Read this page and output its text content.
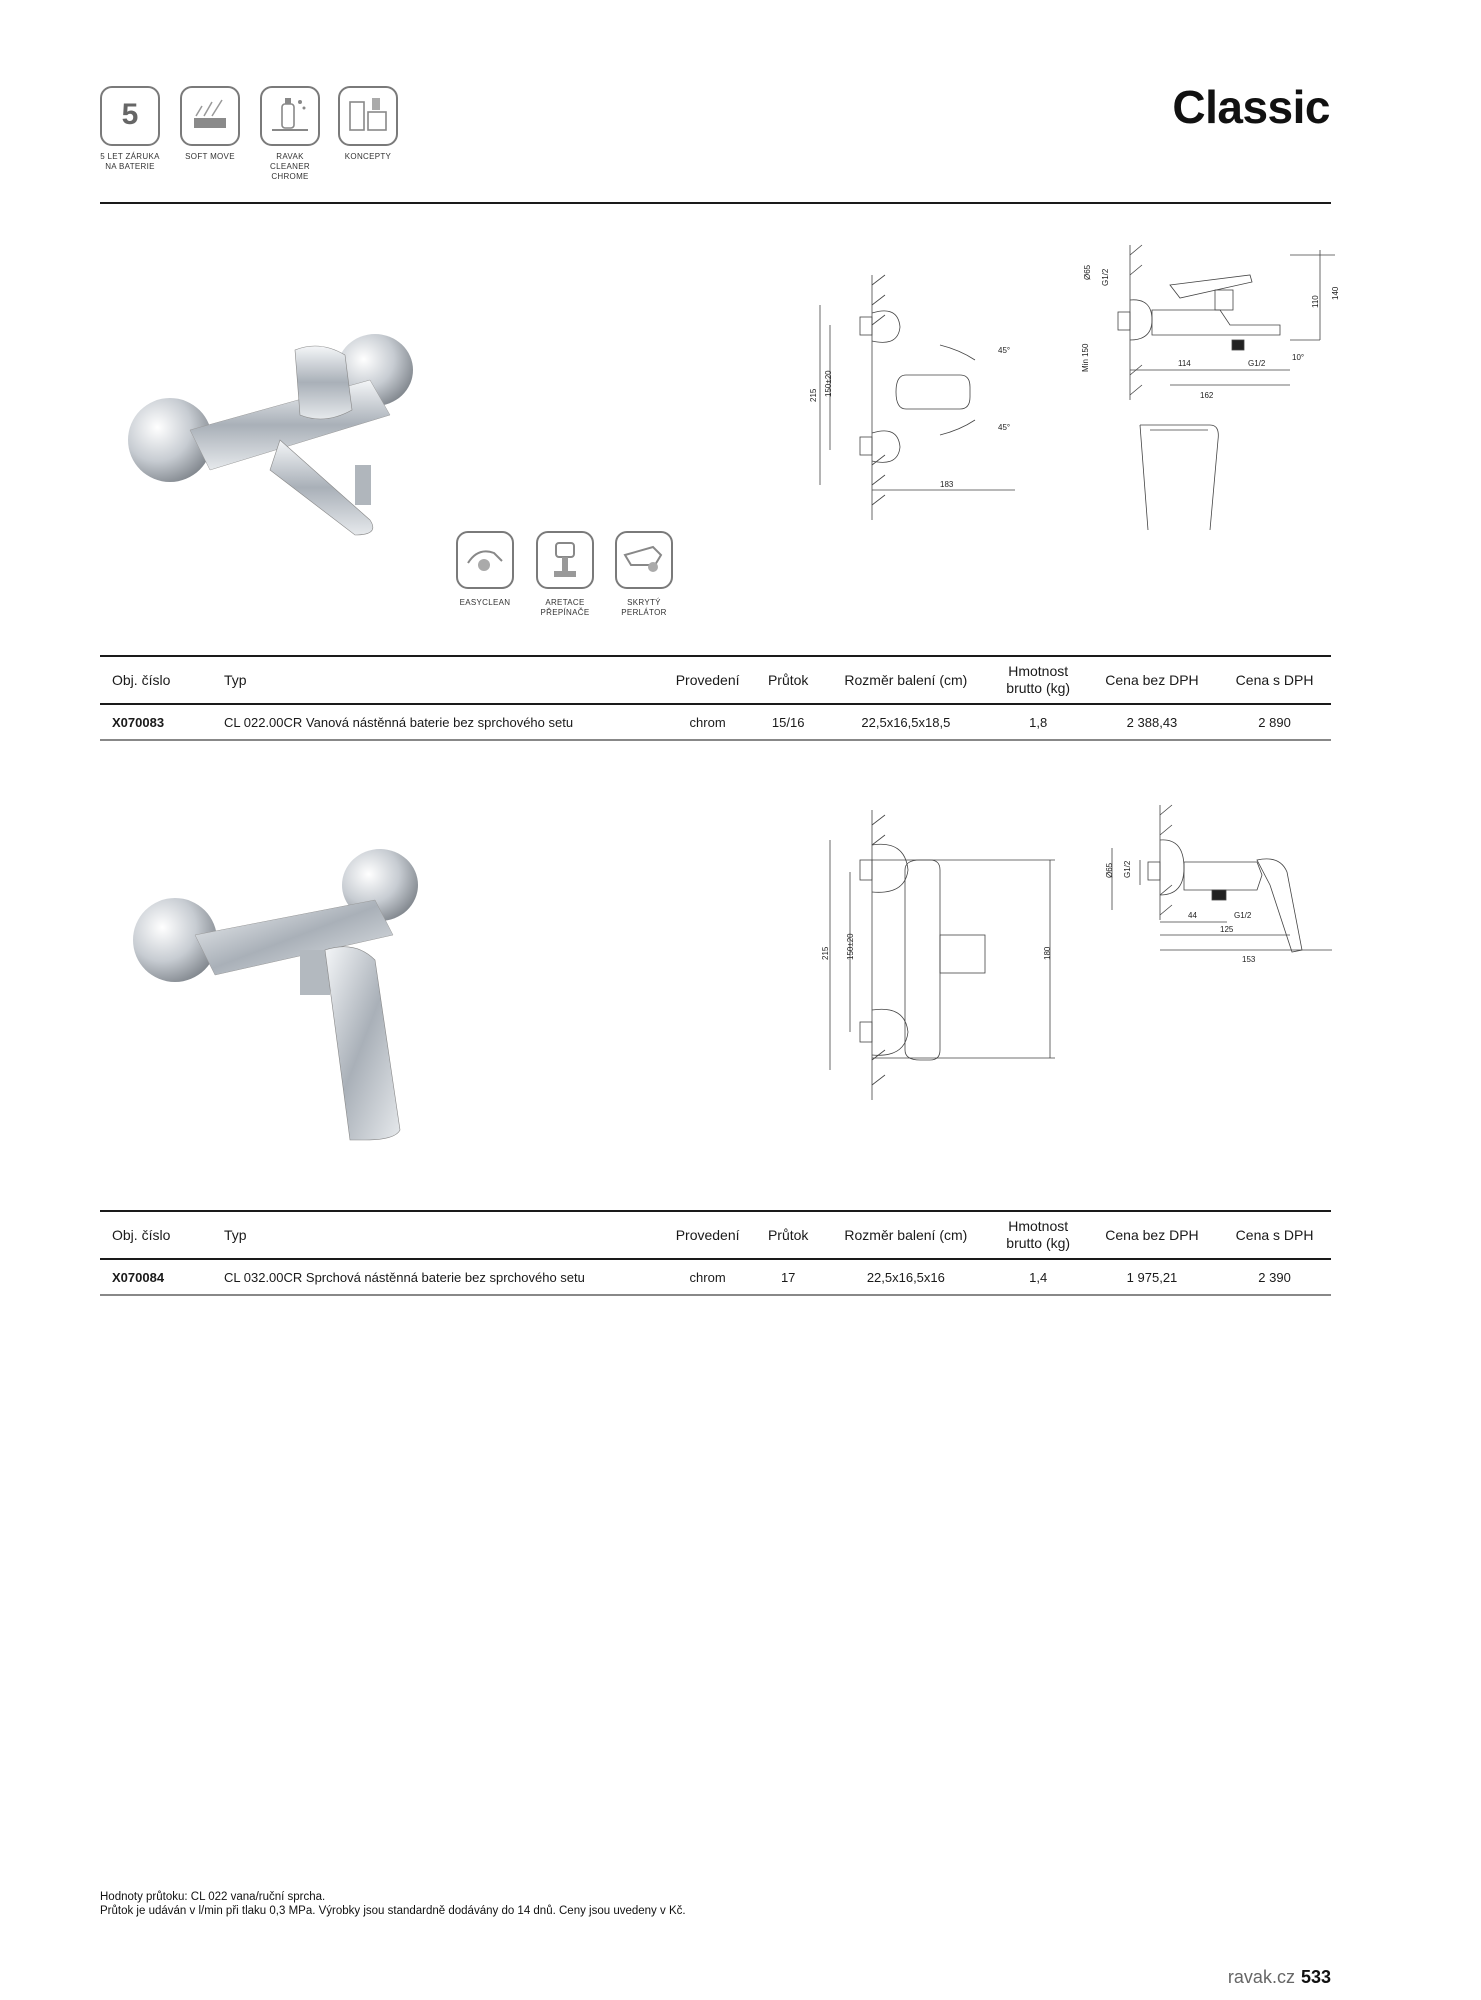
5
5 LET ZÁRUKA
NA BATERIE
SOFT MOVE	RAVAK
CLEANER
CHROME
KONCEPTY
Classic
EASYCLEAN	ARETACE
PŘEPÍNAČE
SKRYTÝ
PERLÁTOR
215 150±20
183
45°
45°
Ø65 G1/2
Min 150
110
140
114	G1/2
10°
162
Obj. číslo	Typ	Provedení	Průtok	Rozměr balení (cm)	Hmotnost
brutto (kg)	Cena bez DPH	Cena s DPH
X070083	CL 022.00CR Vanová nástěnná baterie bez sprchového setu	chrom	15/16	22,5x16,5x18,5	1,8	2 388,43	2 890
215 150±20	180
Ø65 G1/2
44	G1/2
125
153
Obj. číslo	Typ	Provedení	Průtok	Rozměr balení (cm)	Hmotnost
brutto (kg)	Cena bez DPH	Cena s DPH
X070084	CL 032.00CR Sprchová nástěnná baterie bez sprchového setu	chrom	17	22,5x16,5x16	1,4	1 975,21	2 390
Hodnoty průtoku: CL 022 vana/ruční sprcha.
Průtok je udáván v l/min při tlaku 0,3 MPa. Výrobky jsou standardně dodávány do 14 dnů. Ceny jsou uvedeny v Kč.
ravak.cz 533
